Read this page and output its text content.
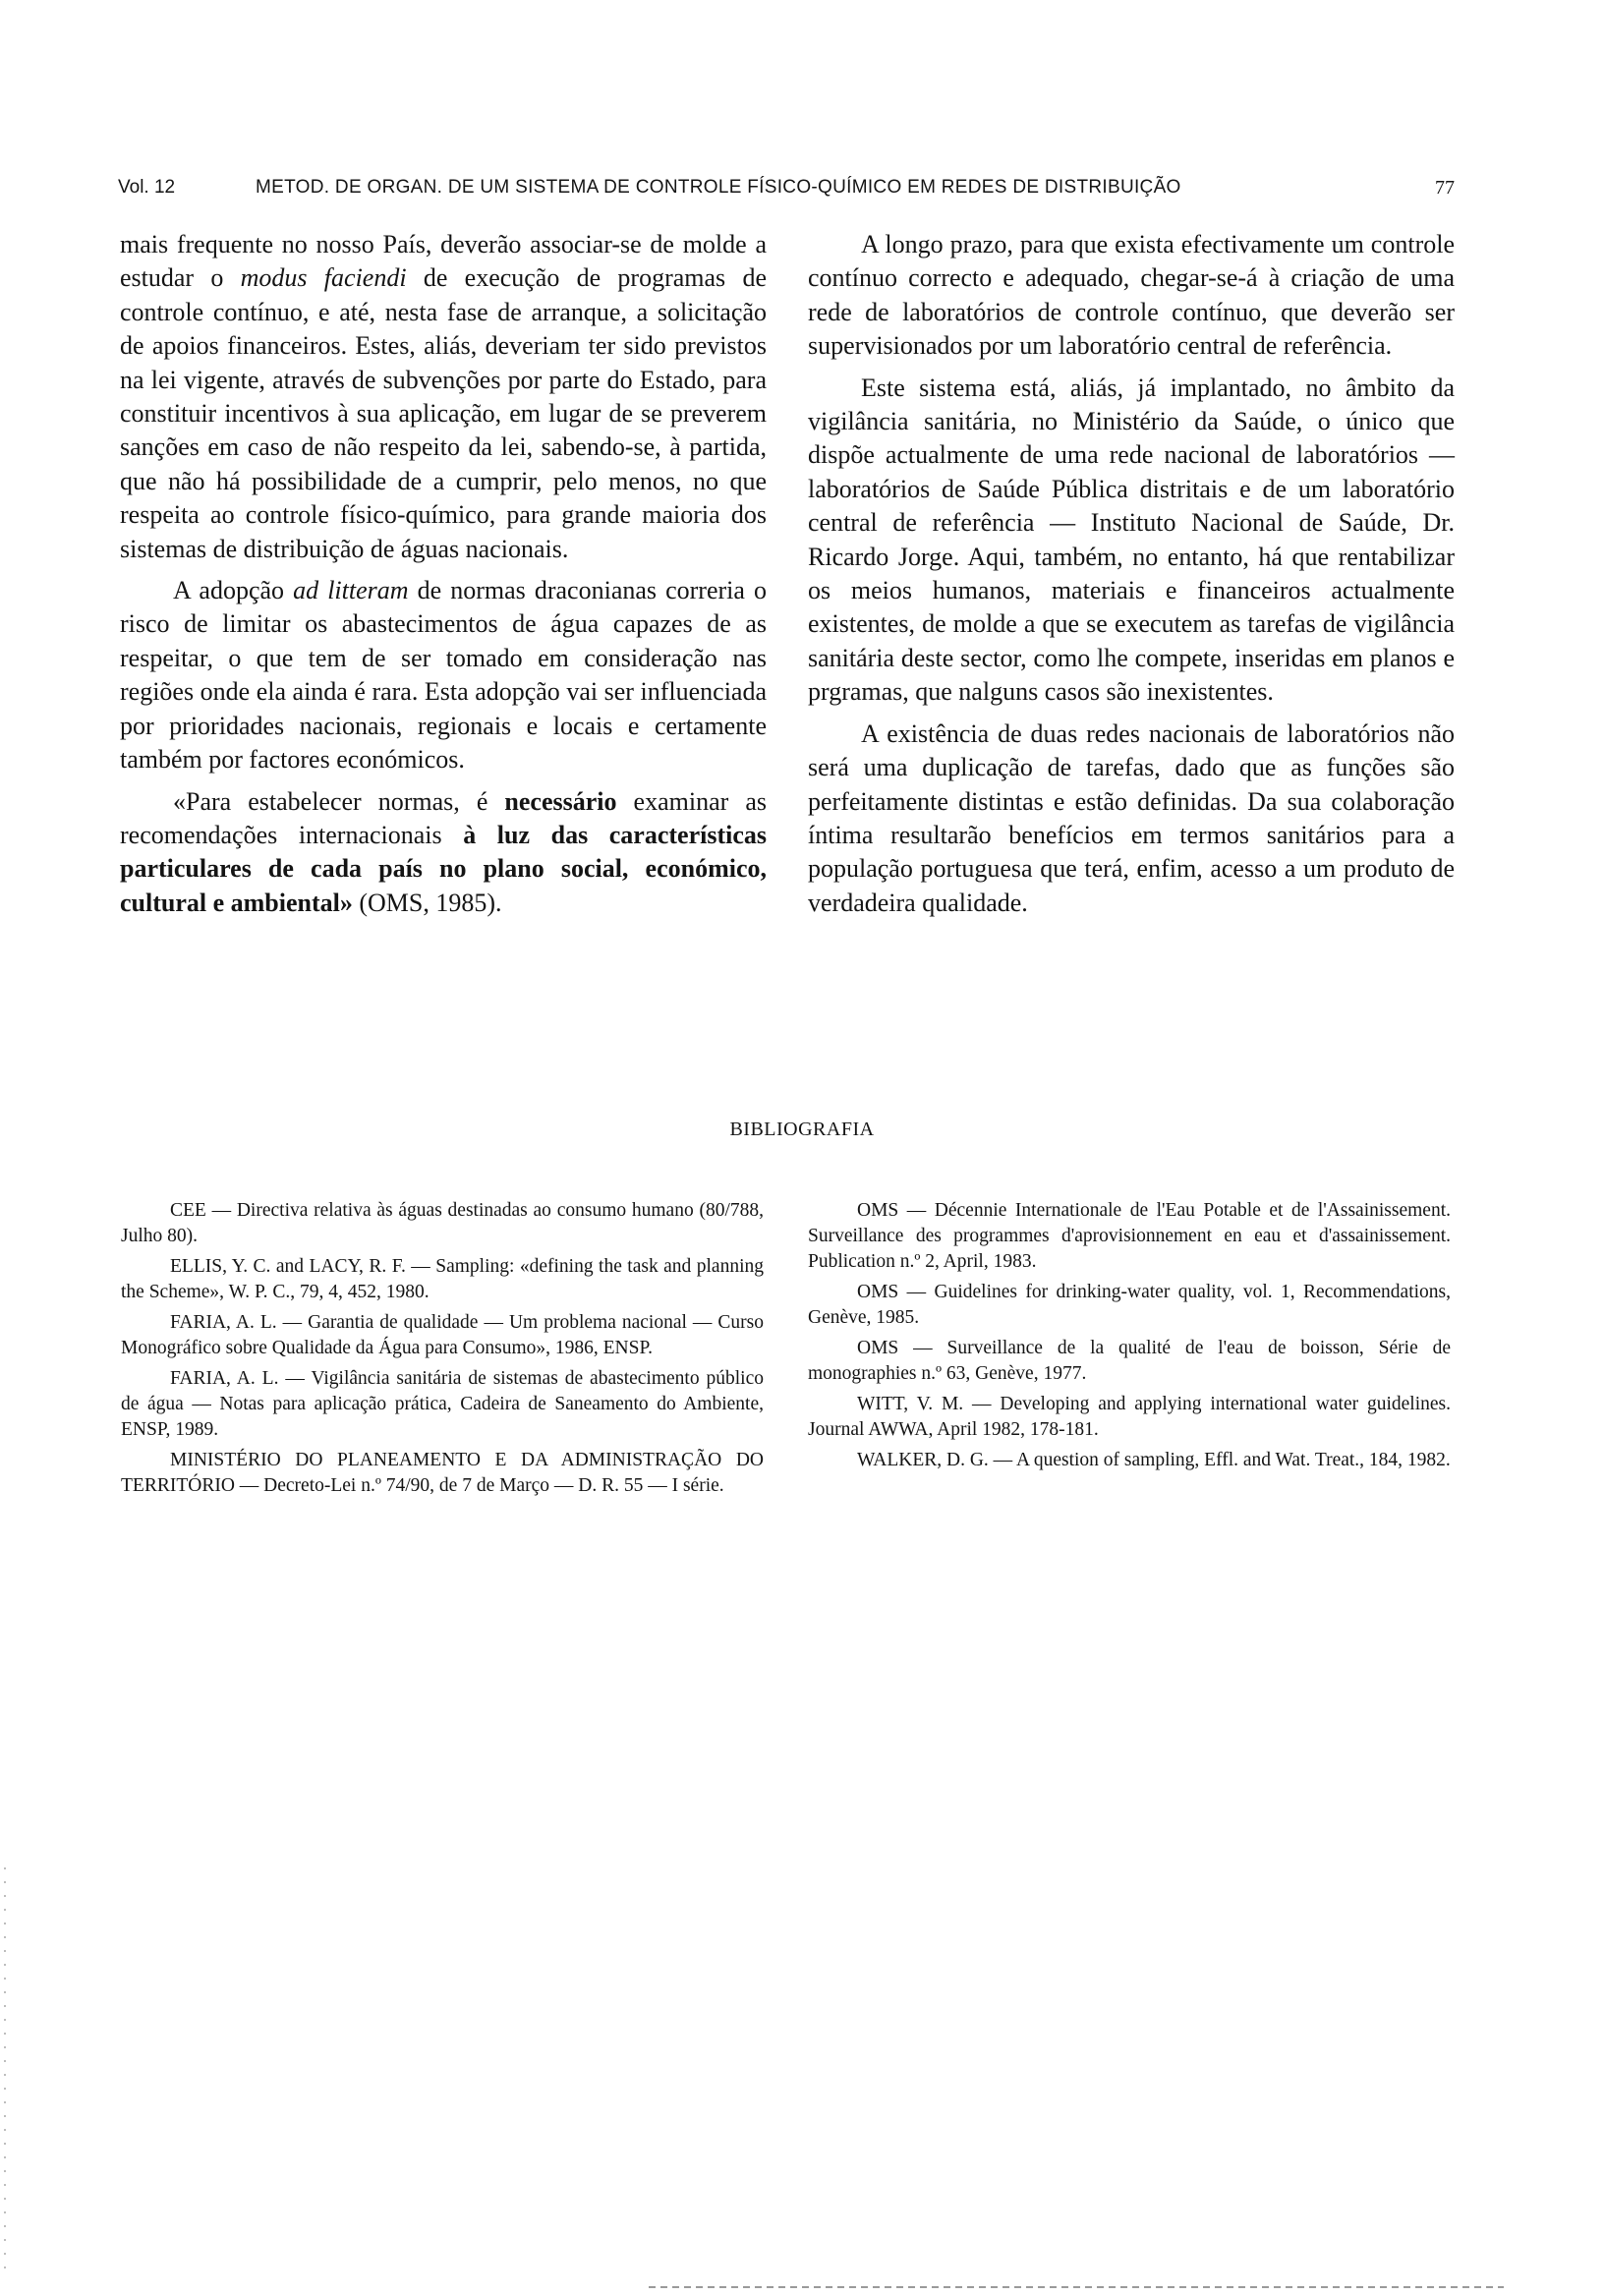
Vol. 12	METOD. DE ORGAN. DE UM SISTEMA DE CONTROLE FÍSICO-QUÍMICO EM REDES DE DISTRIBUIÇÃO	77

mais frequente no nosso País, deverão associar-se de molde a estudar o modus faciendi de execução de programas de controle contínuo, e até, nesta fase de arranque, a solicitação de apoios financeiros. Estes, aliás, deveriam ter sido previstos na lei vigente, através de subvenções por parte do Estado, para constituir incentivos à sua aplicação, em lugar de se preverem sanções em caso de não respeito da lei, sabendo-se, à partida, que não há possibilidade de a cumprir, pelo menos, no que respeita ao controle físico-químico, para grande maioria dos sistemas de distribuição de águas nacionais.

A adopção ad litteram de normas draconianas correria o risco de limitar os abastecimentos de água capazes de as respeitar, o que tem de ser tomado em consideração nas regiões onde ela ainda é rara. Esta adopção vai ser influenciada por prioridades nacionais, regionais e locais e certamente também por factores económicos.

«Para estabelecer normas, é necessário examinar as recomendações internacionais à luz das características particulares de cada país no plano social, económico, cultural e ambiental» (OMS, 1985).

A longo prazo, para que exista efectivamente um controle contínuo correcto e adequado, chegar-se-á à criação de uma rede de laboratórios de controle contínuo, que deverão ser supervisionados por um laboratório central de referência.

Este sistema está, aliás, já implantado, no âmbito da vigilância sanitária, no Ministério da Saúde, o único que dispõe actualmente de uma rede nacional de laboratórios — laboratórios de Saúde Pública distritais e de um laboratório central de referência — Instituto Nacional de Saúde, Dr. Ricardo Jorge. Aqui, também, no entanto, há que rentabilizar os meios humanos, materiais e financeiros actualmente existentes, de molde a que se executem as tarefas de vigilância sanitária deste sector, como lhe compete, inseridas em planos e prgramas, que nalguns casos são inexistentes.

A existência de duas redes nacionais de laboratórios não será uma duplicação de tarefas, dado que as funções são perfeitamente distintas e estão definidas. Da sua colaboração íntima resultarão benefícios em termos sanitários para a população portuguesa que terá, enfim, acesso a um produto de verdadeira qualidade.

BIBLIOGRAFIA

CEE — Directiva relativa às águas destinadas ao consumo humano (80/788, Julho 80).

ELLIS, Y. C. and LACY, R. F. — Sampling: «defining the task and planning the Scheme», W. P. C., 79, 4, 452, 1980.

FARIA, A. L. — Garantia de qualidade — Um problema nacional — Curso Monográfico sobre Qualidade da Água para Consumo», 1986, ENSP.

FARIA, A. L. — Vigilância sanitária de sistemas de abastecimento público de água — Notas para aplicação prática, Cadeira de Saneamento do Ambiente, ENSP, 1989.

MINISTÉRIO DO PLANEAMENTO E DA ADMINISTRAÇÃO DO TERRITÓRIO — Decreto-Lei n.º 74/90, de 7 de Março — D. R. 55 — I série.

OMS — Décennie Internationale de l'Eau Potable et de l'Assainissement. Surveillance des programmes d'aprovisionnement en eau et d'assainissement. Publication n.º 2, April, 1983.

OMS — Guidelines for drinking-water quality, vol. 1, Recommendations, Genève, 1985.

OMS — Surveillance de la qualité de l'eau de boisson, Série de monographies n.º 63, Genève, 1977.

WITT, V. M. — Developing and applying international water guidelines. Journal AWWA, April 1982, 178-181.

WALKER, D. G. — A question of sampling, Effl. and Wat. Treat., 184, 1982.
